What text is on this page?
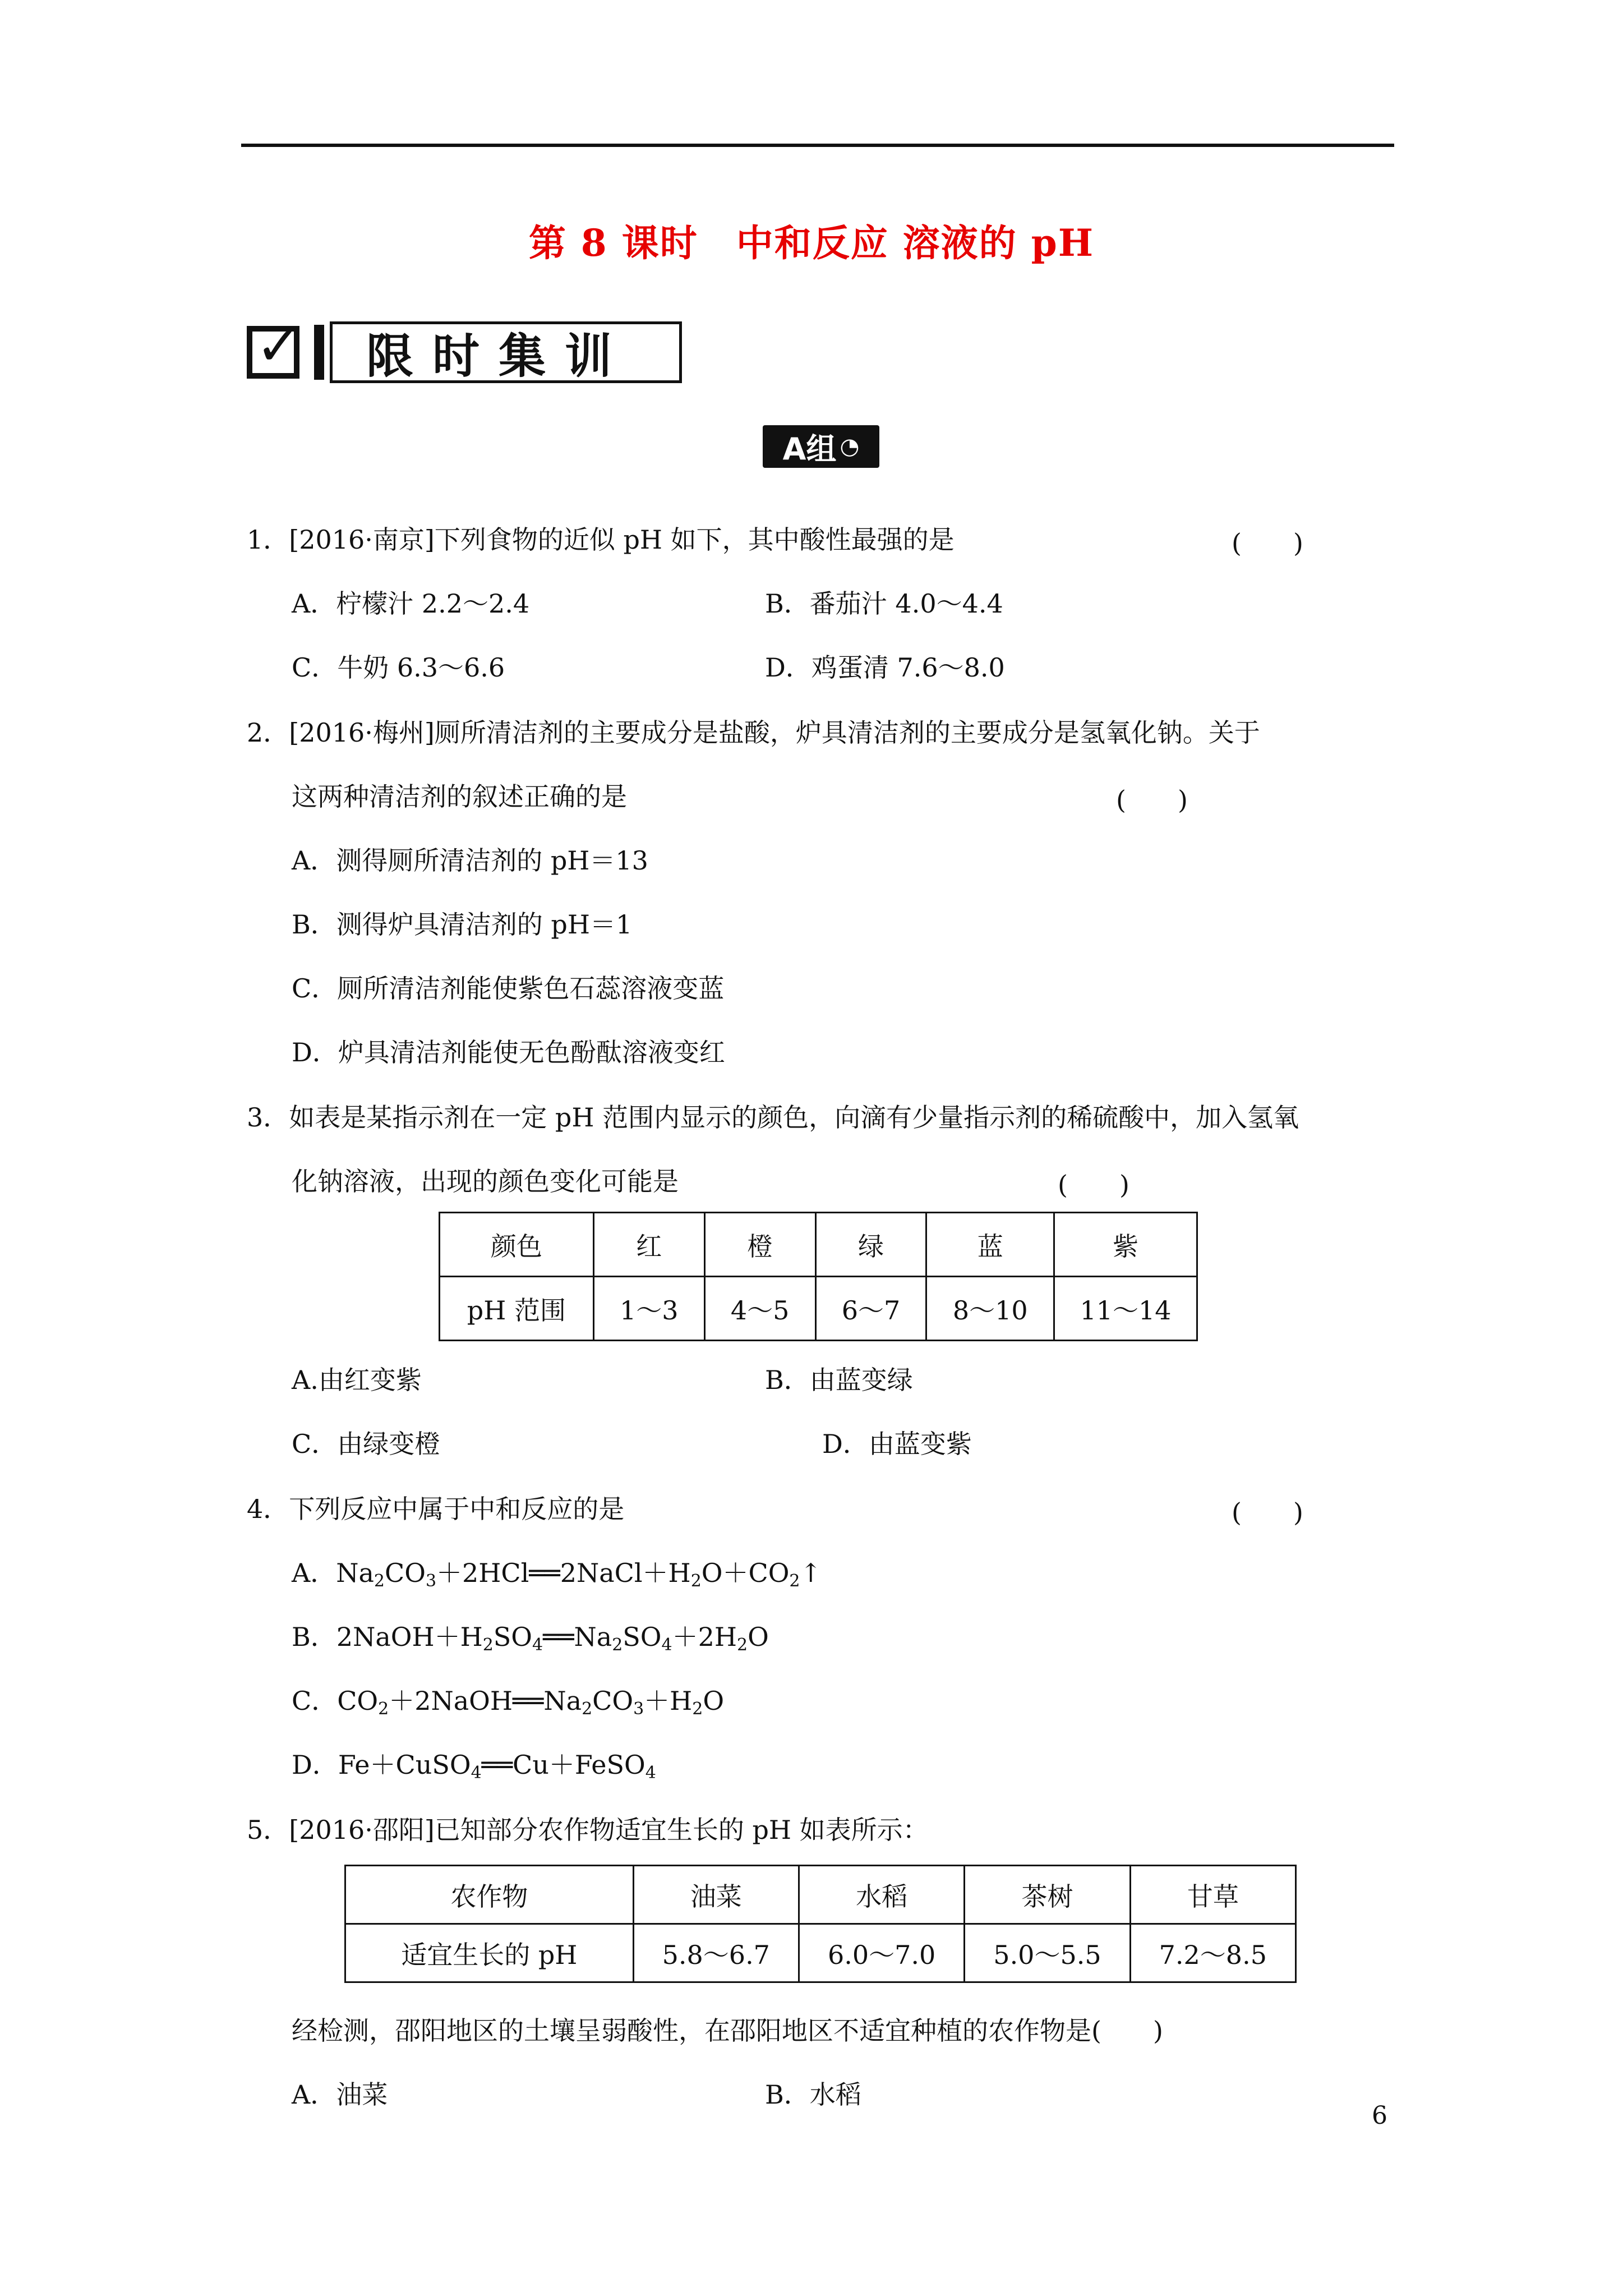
第 8 课时　中和反应 溶液的 pH
✓	限时集训
A组 ◔
1．[2016·南京]下列食物的近似 pH 如下，其中酸性最强的是	(　　)
A．柠檬汁 2.2～2.4	B．番茄汁 4.0～4.4
C．牛奶 6.3～6.6	D．鸡蛋清 7.6～8.0
2．[2016·梅州]厕所清洁剂的主要成分是盐酸，炉具清洁剂的主要成分是氢氧化钠。关于
这两种清洁剂的叙述正确的是	(　　)
A．测得厕所清洁剂的 pH＝13
B．测得炉具清洁剂的 pH＝1
C．厕所清洁剂能使紫色石蕊溶液变蓝
D．炉具清洁剂能使无色酚酞溶液变红
3．如表是某指示剂在一定 pH 范围内显示的颜色，向滴有少量指示剂的稀硫酸中，加入氢氧
化钠溶液，出现的颜色变化可能是	(　　)
颜色	红	橙	绿	蓝	紫
pH 范围	1～3	4～5	6～7	8～10	11～14
A.由红变紫	B．由蓝变绿
C．由绿变橙	D．由蓝变紫
4．下列反应中属于中和反应的是	(　　)
A．$Na_2CO_3+2HCl══2NaCl+H_2O+CO_2↑$
B．$2NaOH+H_2SO_4══Na_2SO_4+2H_2O$
C．$CO_2+2NaOH══Na_2CO_3+H_2O$
D．Fe＋CuSO$_4$══Cu＋FeSO$_4$
5．[2016·邵阳]已知部分农作物适宜生长的 pH 如表所示：
农作物	油菜	水稻	茶树	甘草
适宜生长的 pH	5.8～6.7	6.0～7.0	5.0～5.5	7.2～8.5
经检测，邵阳地区的土壤呈弱酸性，在邵阳地区不适宜种植的农作物是(　　)
A．油菜	B．水稻
6
